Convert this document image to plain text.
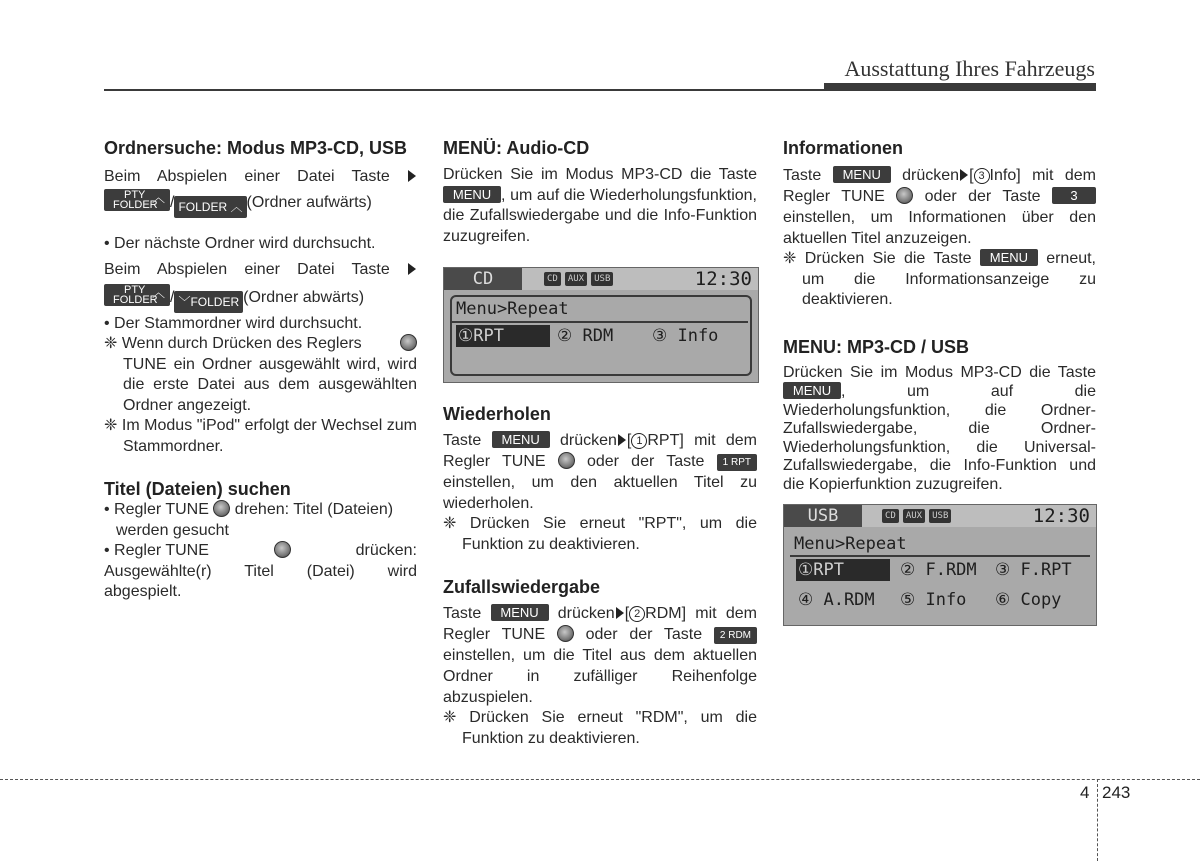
Ausstattung Ihres Fahrzeugs
Ordnersuche: Modus MP3-CD, USB

Beim Abspielen einer Datei Taste

PTY
FOLDER
︿ / FOLDER ︿ (Ordner aufwärts)

• Der nächste Ordner wird durchsucht.

Beim Abspielen einer Datei Taste

PTY
FOLDER
︿ / ﹀FOLDER (Ordner abwärts)

• Der Stammordner wird durchsucht.

❈ Wenn durch Drücken des Reglers
TUNE ein Ordner ausgewählt wird, wird die erste Datei aus dem ausgewählten Ordner angezeigt.

❈ Im Modus "iPod" erfolgt der Wechsel zum Stammordner.

Titel (Dateien) suchen

• Regler TUNE drehen: Titel (Dateien) werden gesucht

• Regler TUNE	drücken:
Ausgewählte(r) Titel (Datei) wird
abgespielt.

MENÜ: Audio-CD

Drücken Sie im Modus MP3-CD die Taste MENU , um auf die Wiederholungsfunktion, die Zufallswiedergabe und die Info-Funktion zuzugreifen.

CD	CD	AUX	USB	12:30
Menu>Repeat
①RPT	② RDM ③ Info
Wiederholen

Taste MENU drücken [ 1 RPT] mit dem Regler TUNE	oder der Taste 1 RPT einstellen, um den aktuellen Titel zu wiederholen.

❈ Drücken Sie erneut "RPT", um die Funktion zu deaktivieren.

Zufallswiedergabe

Taste MENU drücken [ 2 RDM] mit dem Regler TUNE	oder der Taste 2 RDM einstellen, um die Titel aus dem aktuellen Ordner in zufälliger Reihenfolge abzuspielen.

❈ Drücken Sie erneut "RDM", um die Funktion zu deaktivieren.

Informationen

Taste MENU drücken [ 3 Info] mit dem Regler TUNE oder der Taste 3 einstellen, um Informationen über den aktuellen Titel anzuzeigen.

❈ Drücken Sie die Taste MENU erneut, um die Informationsanzeige zu deaktivieren.

MENU: MP3-CD / USB

Drücken Sie im Modus MP3-CD die Taste MENU , um auf die Wiederholungsfunktion, die Ordner-Zufallswiedergabe, die Ordner-Wiederholungsfunktion, die Universal-Zufallswiedergabe, die Info-Funktion und die Kopierfunktion zuzugreifen.

USB	CD	AUX	USB	12:30
Menu>Repeat
①RPT	② F.RDM ③ F.RPT
④ A.RDM ⑤ Info ⑥ Copy
4 243
